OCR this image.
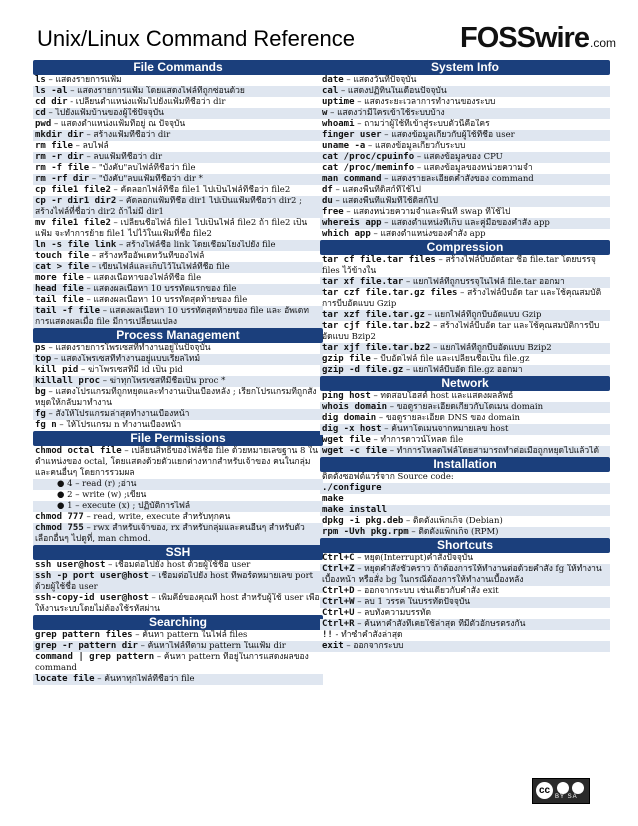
Unix/Linux Command Reference	FOSSwire.com
File Commands
ls – แสดงรายการแฟ้ม
ls -al – แสดงรายการแฟ้ม โดยแสดงไฟล์ที่ถูกซ่อนด้วย
cd dir - เปลี่ยนตำแหน่งแฟ้มไปยังแฟ้มที่ชื่อว่า dir
cd – ไปยังแฟ้มบ้านของผู้ใช้ปัจจุบัน
pwd – แสดงตำแหน่งแฟ้มที่อยู่ ณ ปัจจุบัน
mkdir dir – สร้างแฟ้มที่ชื่อว่า dir
rm file – ลบไฟล์
rm -r dir – ลบแฟ้มที่ชื่อว่า dir
rm -f file – "บังคับ"ลบไฟล์ที่ชื่อว่า file
rm -rf dir – "บังคับ"ลบแฟ้มที่ชื่อว่า dir *
cp file1 file2 – คัดลอกไฟล์ที่ชื่อ file1 ไปเป็นไฟล์ที่ชื่อว่า file2
cp -r dir1 dir2 – คัดลอกแฟ้มที่ชื่อ dir1 ไปเป็นแฟ้มที่ชื่อว่า dir2 ; สร้างไฟล์ที่ชื่อว่า dir2 ถ้าไม่มี dir1
mv file1 file2 – เปลี่ยนชื่อไฟล์ file1 ไปเป็นไฟล์ file2 ถ้า file2 เป็นแฟ้ม จะทำการย้าย file1 ไปไว้ในแฟ้มที่ชื่อ file2
ln -s file link – สร้างไฟล์ชื่อ link โดยเชื่อมโยงไปยัง file
touch file – สร้างหรืออัพเดทวันที่ของไฟล์
cat > file – เขียนไฟล์และเก็บไว้ในไฟล์ที่ชื่อ file
more file – แสดงเนื้อหาของไฟล์ที่ชื่อ file
head file – แสดงผลเนื้อหา 10 บรรทัดแรกของ file
tail file – แสดงผลเนื้อหา 10 บรรทัดสุดท้ายของ file
tail -f file – แสดงผลเนื้อหา 10 บรรทัดสุดท้ายของ file และ อัพเดทการแสดงผลเมื่อ file มีการเปลี่ยนแปลง
Process Management
ps – แสดงรายการโพรเซสที่ทำงานอยู่ในปัจจุบัน
top – แสดงโพรเซสที่ทำงานอยู่แบบเรียลไทม์
kill pid – ฆ่าโพรเซสที่มี id เป็น pid
killall proc – ฆ่าทุกโพรเซสที่มีชื่อเป็น proc *
bg – แสดงโปรแกรมที่ถูกหยุดและทำงานเป็นเบื้องหลัง ; เรียกโปรแกรมที่ถูกสั่งหยุดให้กลับมาทำงาน
fg – สั่งให้โปรแกรมล่าสุดทำงานเบื้องหน้า
fg n – ให้โปรแกรม n ทำงานเบื้องหน้า
File Permissions
chmod octal file – เปลี่ยนสิทธิ์ของไฟล์ชื่อ file ด้วยหมายเลขฐาน 8 ในตำแหน่งของ octal, โดยแสดงด้วยตัวแยกต่างหากสำหรับเจ้าของ คนในกลุ่ม และคนอื่นๆ โดยการรวมผล
● 4 – read (r) ;อ่าน
● 2 – write (w) ;เขียน
● 1 – execute (x) ; ปฏิบัติการไฟล์
chmod 777 – read, write, execute สำหรับทุกคน
chmod 755 – rwx สำหรับเจ้าของ, rx สำหรับกลุ่มและคนอื่นๆ สำหรับตัวเลือกอื่นๆ ไปดูที่, man chmod.
SSH
ssh user@host – เชื่อมต่อไปยัง host ด้วยผู้ใช้ชื่อ user
ssh -p port user@host – เชื่อมต่อไปยัง host ที่พอร์ตหมายเลข port ด้วยผู้ใช้ชื่อ user
ssh-copy-id user@host – เพิ่มคีย์ของคุณที่ host สำหรับผู้ใช้ user เพื่อให้งานระบบโดยไม่ต้องใช้รหัสผ่าน
Searching
grep pattern files – ค้นหา pattern ในไฟล์ files
grep -r pattern dir – ค้นหาไฟล์ที่ตาม pattern ในแฟ้ม dir
command | grep pattern – ค้นหา pattern ที่อยู่ในการแสดงผลของ command
locate file – ค้นหาทุกไฟล์ที่ชื่อว่า file
System Info
date – แสดงวันที่ปัจจุบัน
cal – แสดงปฏิทินในเดือนปัจจุบัน
uptime – แสดงระยะเวลาการทำงานของระบบ
w – แสดงว่ามีใครเข้าใช้ระบบบ้าง
whoami – ถามว่าผู้ใช้ที่เข้าสู่ระบบตัวนี้คือใคร
finger user – แสดงข้อมูลเกี่ยวกับผู้ใช้ที่ชื่อ user
uname -a – แสดงข้อมูลเกี่ยวกับระบบ
cat /proc/cpuinfo – แสดงข้อมูลของ CPU
cat /proc/meminfo – แสดงข้อมูลของหน่วยความจำ
man command – แสดงรายละเอียดคำสั่งของ command
df – แสดงพื้นที่ดิสก์ที่ใช้ไป
du – แสดงพื้นที่แฟ้มที่ใช้ดิสก์ไป
free – แสดงหน่วยความจำและพื้นที่ swap ที่ใช้ไป
whereis app – แสดงตำแหน่งที่เก็บ และคู่มือของคำสั่ง app
which app – แสดงตำแหน่งของคำสั่ง app
Compression
tar cf file.tar files – สร้างไฟล์บีบอัดtar ชื่อ file.tar โดยบรรจุ files ไว้ข้างใน
tar xf file.tar – แยกไฟล์ที่ถูกบรรจุในไฟล์ file.tar ออกมา
tar czf file.tar.gz files – สร้างไฟล์บีบอัด tar และใช้คุณสมบัติการบีบอัดแบบ Gzip
tar xzf file.tar.gz – แยกไฟล์ที่ถูกบีบอัดแบบ Gzip
tar cjf file.tar.bz2 – สร้างไฟล์บีบอัด tar และใช้คุณสมบัติการบีบอัดแบบ Bzip2
tar xjf file.tar.bz2 – แยกไฟล์ที่ถูกบีบอัดแบบ Bzip2
gzip file – บีบอัดไฟล์ file และเปลี่ยนชื่อเป็น file.gz
gzip -d file.gz – แยกไฟล์บีบอัด file.gz ออกมา
Network
ping host – ทดสอบโฮสต์ host และแสดงผลลัพธ์
whois domain – ขอดูรายละเอียดเกี่ยวกับโดเมน domain
dig domain – ขอดูรายละเอียด DNS ของ domain
dig -x host – ค้นหาโดเมนจากหมายเลข host
wget file – ทำการดาวน์โหลด file
wget -c file – ทำการโหลดไฟล์โดยสามารถทำต่อเมื่อถูกหยุดไปแล้วได้
Installation
ติดตั้งซอฟต์แวร์จาก Source code:
./configure
make
make install
dpkg -i pkg.deb – ติดตั้งแพ็กเก็จ (Debian)
rpm -Uvh pkg.rpm – ติดตั้งแพ็กเก็จ (RPM)
Shortcuts
Ctrl+C – หยุด(Interrupt)คำสั่งปัจจุบัน
Ctrl+Z – หยุดคำสั่งชั่วคราว ถ้าต้องการให้ทำงานต่อด้วยคำสั่ง fg ให้ทำงานเบื้องหน้า หรือสั่ง bg ในกรณีต้องการให้ทำงานเบื้องหลัง
Ctrl+D – ออกจากระบบ เช่นเดียวกับคำสั่ง exit
Ctrl+W – ลบ 1 วรรค ในบรรทัดปัจจุบัน
Ctrl+U – ลบทั้งความบรรทัด
Ctrl+R – ค้นหาคำสั่งที่เคยใช้ล่าสุด ที่มีตัวอักษรตรงกัน
!! - ทำซ้ำคำสั่งล่าสุด
exit – ออกจากระบบ
cc
BY SA
